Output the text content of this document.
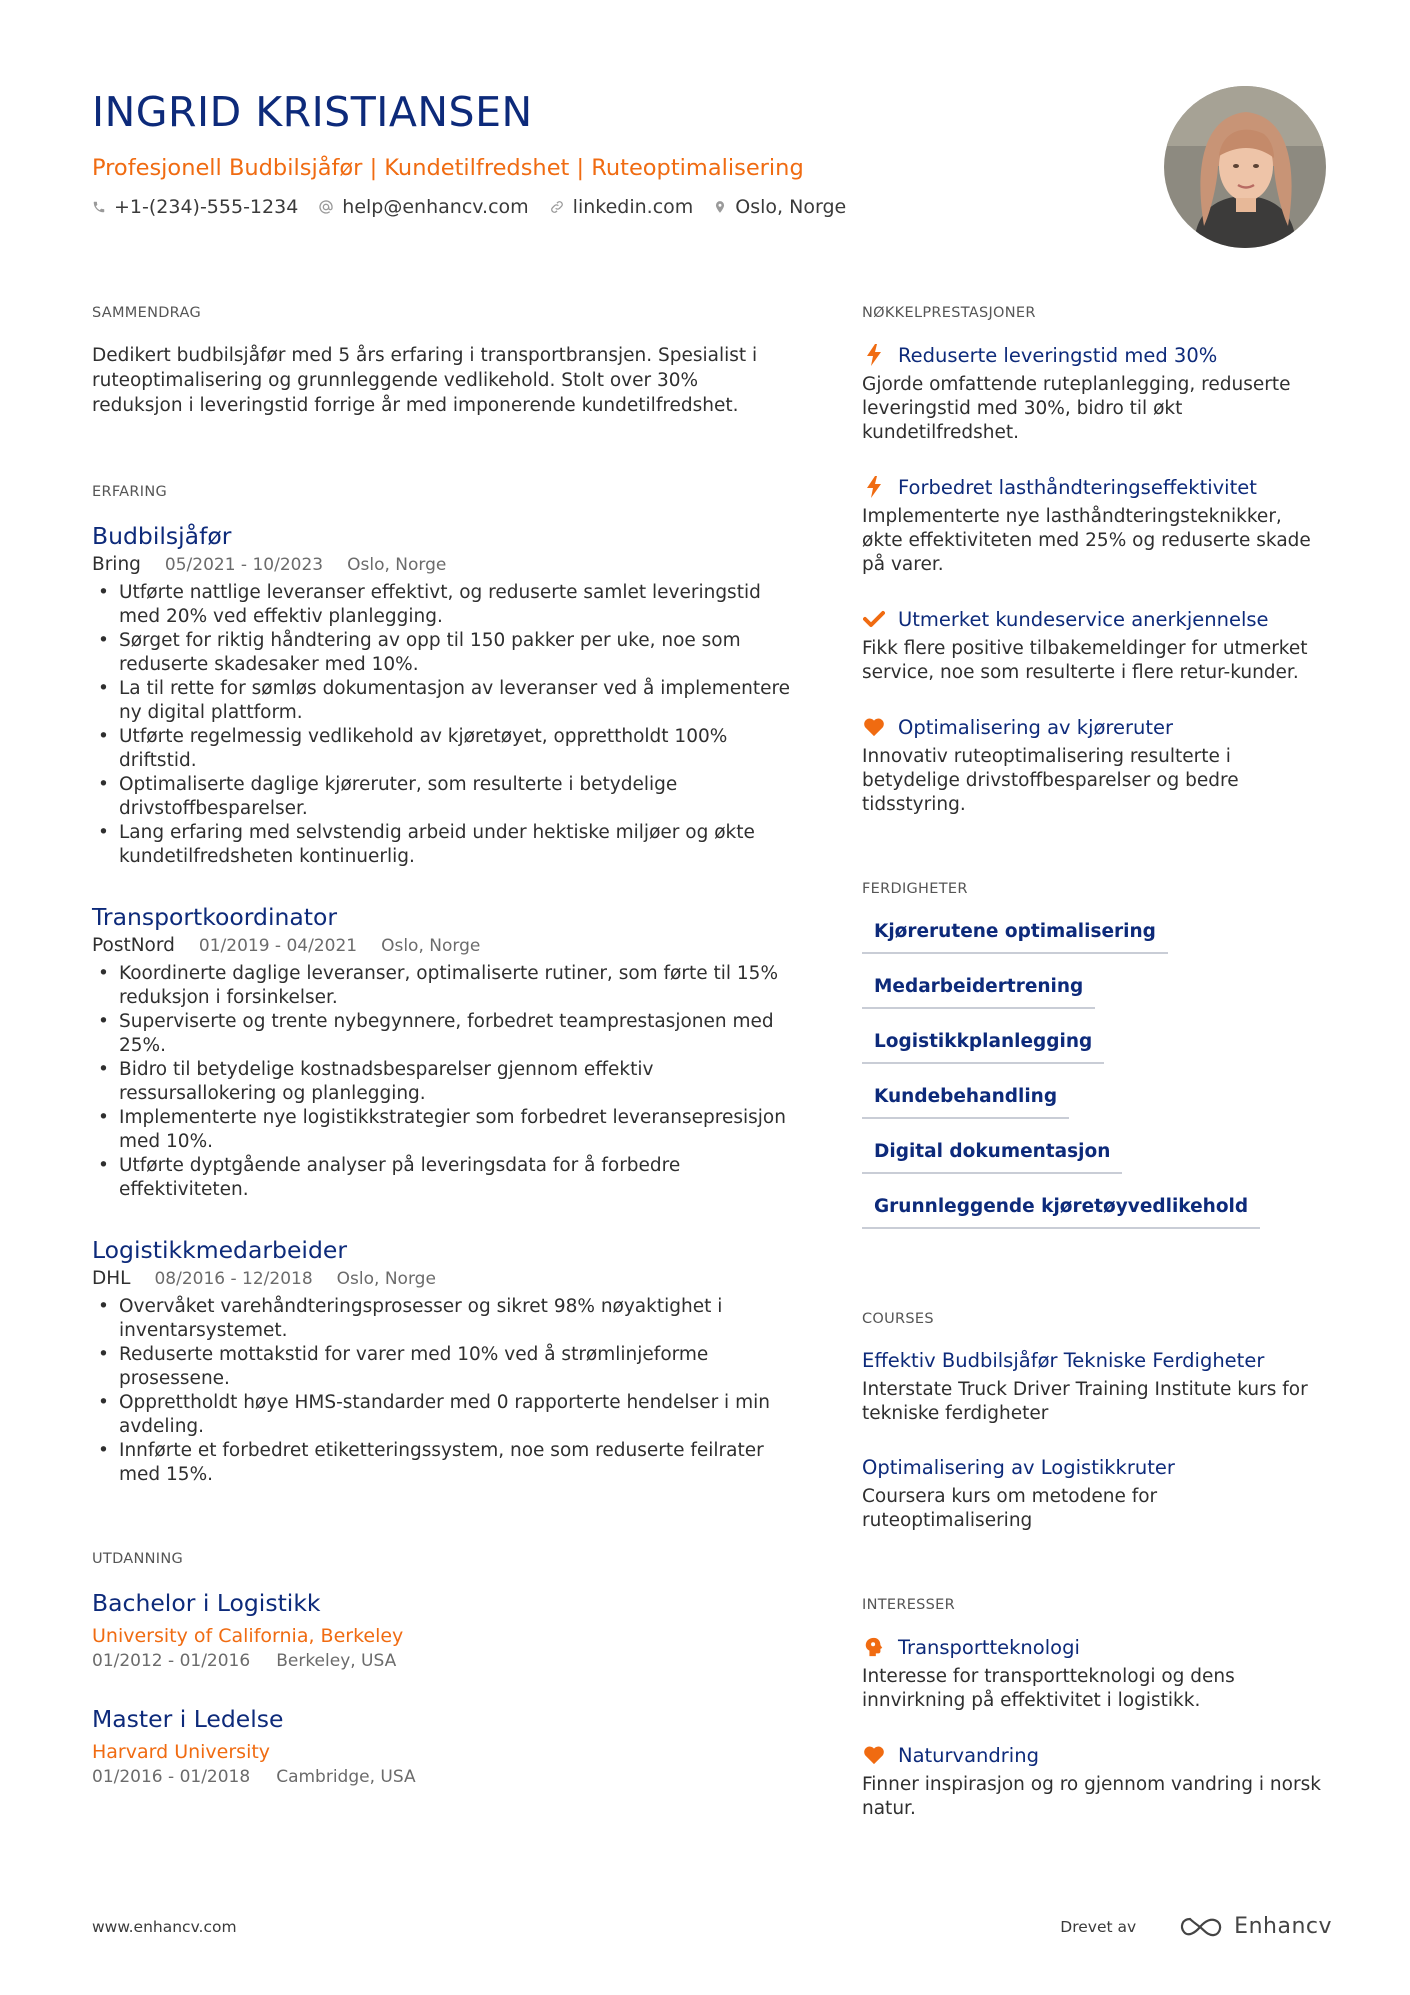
INGRID KRISTIANSEN
Profesjonell Budbilsjåfør | Kundetilfredshet | Ruteoptimalisering
+1-(234)-555-1234 help@enhancv.com linkedin.com Oslo, Norge
SAMMENDRAG
Dedikert budbilsjåfør med 5 års erfaring i transportbransjen. Spesialist i ruteoptimalisering og grunnleggende vedlikehold. Stolt over 30% reduksjon i leveringstid forrige år med imponerende kundetilfredshet.
ERFARING
Budbilsjåfør
Bring 05/2021 - 10/2023 Oslo, Norge
• Utførte nattlige leveranser effektivt, og reduserte samlet leveringstid med 20% ved effektiv planlegging.
• Sørget for riktig håndtering av opp til 150 pakker per uke, noe som reduserte skadesaker med 10%.
• La til rette for sømløs dokumentasjon av leveranser ved å implementere ny digital plattform.
• Utførte regelmessig vedlikehold av kjøretøyet, opprettholdt 100% driftstid.
• Optimaliserte daglige kjøreruter, som resulterte i betydelige drivstoffbesparelser.
• Lang erfaring med selvstendig arbeid under hektiske miljøer og økte kundetilfredsheten kontinuerlig.
Transportkoordinator
PostNord 01/2019 - 04/2021 Oslo, Norge
• Koordinerte daglige leveranser, optimaliserte rutiner, som førte til 15% reduksjon i forsinkelser.
• Superviserte og trente nybegynnere, forbedret teamprestasjonen med 25%.
• Bidro til betydelige kostnadsbesparelser gjennom effektiv ressursallokering og planlegging.
• Implementerte nye logistikkstrategier som forbedret leveransepresisjon med 10%.
• Utførte dyptgående analyser på leveringsdata for å forbedre effektiviteten.
Logistikkmedarbeider
DHL 08/2016 - 12/2018 Oslo, Norge
• Overvåket varehåndteringsprosesser og sikret 98% nøyaktighet i inventarsystemet.
• Reduserte mottakstid for varer med 10% ved å strømlinjeforme prosessene.
• Opprettholdt høye HMS-standarder med 0 rapporterte hendelser i min avdeling.
• Innførte et forbedret etiketteringssystem, noe som reduserte feilrater med 15%.
UTDANNING
Bachelor i Logistikk
University of California, Berkeley
01/2012 - 01/2016 Berkeley, USA
Master i Ledelse
Harvard University
01/2016 - 01/2018 Cambridge, USA
NØKKELPRESTASJONER
Reduserte leveringstid med 30%
Gjorde omfattende ruteplanlegging, reduserte leveringstid med 30%, bidro til økt kundetilfredshet.
Forbedret lasthåndteringseffektivitet
Implementerte nye lasthåndteringsteknikker, økte effektiviteten med 25% og reduserte skade på varer.
Utmerket kundeservice anerkjennelse
Fikk flere positive tilbakemeldinger for utmerket service, noe som resulterte i flere retur-kunder.
Optimalisering av kjøreruter
Innovativ ruteoptimalisering resulterte i betydelige drivstoffbesparelser og bedre tidsstyring.
FERDIGHETER
Kjørerutene optimalisering
Medarbeidertrening
Logistikkplanlegging
Kundebehandling
Digital dokumentasjon
Grunnleggende kjøretøyvedlikehold
COURSES
Effektiv Budbilsjåfør Tekniske Ferdigheter
Interstate Truck Driver Training Institute kurs for tekniske ferdigheter
Optimalisering av Logistikkruter
Coursera kurs om metodene for ruteoptimalisering
INTERESSER
Transportteknologi
Interesse for transportteknologi og dens innvirkning på effektivitet i logistikk.
Naturvandring
Finner inspirasjon og ro gjennom vandring i norsk natur.
www.enhancv.com	Drevet av	Enhancv
